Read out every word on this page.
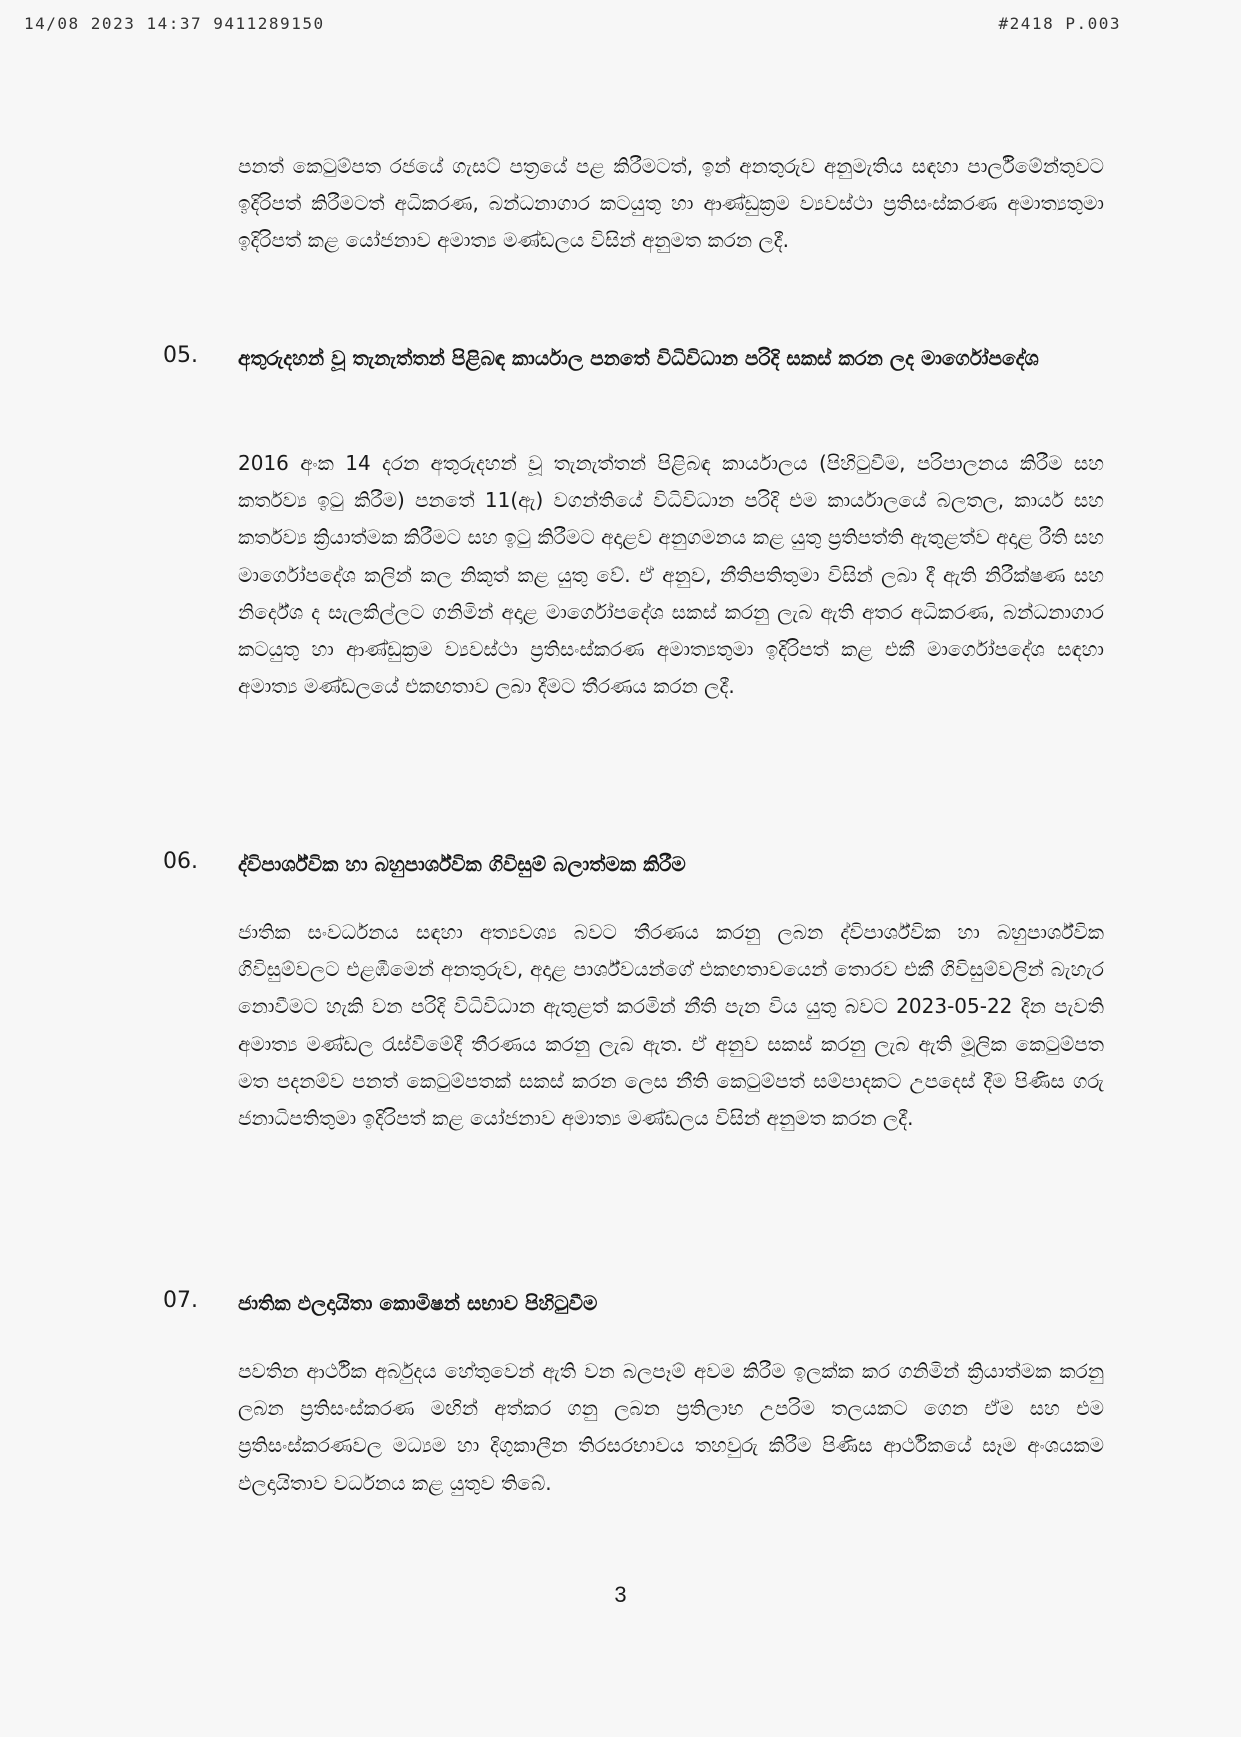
14/08 2023 14:37 9411289150	#2418 P.003
පනත් කෙටුම්පත රජයේ ගැසට් පත්‍රයේ පළ කිරීමටත්, ඉන් අනතුරුව අනුමැතිය සඳහා පාර්ලිමේන්තුවට ඉදිරිපත් කිරීමටත් අධිකරණ, බන්ධනාගාර කටයුතු හා ආණ්ඩුක්‍රම ව්‍යවස්ථා ප්‍රතිසංස්කරණ අමාත්‍යතුමා ඉදිරිපත් කළ යෝජනාව අමාත්‍ය මණ්ඩලය විසින් අනුමත කරන ලදී.
05. අතුරුදහන් වූ තැනැත්තන් පිළිබඳ කාර්යාල පනතේ විධිවිධාන පරිදි සකස් කරන ලද මාර්ගෝපදේශ
2016 අංක 14 දරන අතුරුදහන් වූ තැනැත්තන් පිළිබඳ කාර්යාලය (පිහිටුවීම, පරිපාලනය කිරීම සහ කර්තව්‍ය ඉටු කිරීම) පනතේ 11(ඇ) වගන්තියේ විධිවිධාන පරිදි එම කාර්යාලයේ බලතල, කාර්ය සහ කර්තව්‍ය ක්‍රියාත්මක කිරීමට සහ ඉටු කිරීමට අදාළව අනුගමනය කළ යුතු ප්‍රතිපත්ති ඇතුළත්ව අදාළ රීති සහ මාර්ගෝපදේශ කලින් කල නිකුත් කළ යුතු වේ. ඒ අනුව, නීතිපතිතුමා විසින් ලබා දී ඇති නිරීක්ෂණ සහ නිර්දේශ ද සැලකිල්ලට ගනිමින් අදාළ මාර්ගෝපදේශ සකස් කරනු ලැබ ඇති අතර අධිකරණ, බන්ධනාගාර කටයුතු හා ආණ්ඩුක්‍රම ව්‍යවස්ථා ප්‍රතිසංස්කරණ අමාත්‍යතුමා ඉදිරිපත් කළ එකී මාර්ගෝපදේශ සඳහා අමාත්‍ය මණ්ඩලයේ එකඟතාව ලබා දීමට තීරණය කරන ලදී.
06. ද්විපාර්ශ්වික හා බහුපාර්ශ්වික ගිවිසුම් බලාත්මක කිරීම
ජාතික සංවර්ධනය සඳහා අත්‍යවශ්‍ය බවට තීරණය කරනු ලබන ද්විපාර්ශ්වික හා බහුපාර්ශ්වික ගිවිසුම්වලට එළඹීමෙන් අනතුරුව, අදාළ පාර්ශ්වයන්ගේ එකඟතාවයෙන් තොරව එකී ගිවිසුම්වලින් බැහැර නොවීමට හැකි වන පරිදි විධිවිධාන ඇතුළත් කරමින් නීති පැන විය යුතු බවට 2023-05-22 දින පැවති අමාත්‍ය මණ්ඩල රැස්වීමේදී තීරණය කරනු ලැබ ඇත. ඒ අනුව සකස් කරනු ලැබ ඇති මූලික කෙටුම්පත මත පදනම්ව පනත් කෙටුම්පතක් සකස් කරන ලෙස නීති කෙටුම්පත් සම්පාදකට උපදෙස් දීම පිණිස ගරු ජනාධිපතිතුමා ඉදිරිපත් කළ යෝජනාව අමාත්‍ය මණ්ඩලය විසින් අනුමත කරන ලදී.
07. ජාතික ඵලදායිතා කොමිෂන් සභාව පිහිටුවීම
පවතින ආර්ථික අර්බුදය හේතුවෙන් ඇති වන බලපෑම් අවම කිරීම ඉලක්ක කර ගනිමින් ක්‍රියාත්මක කරනු ලබන ප්‍රතිසංස්කරණ මඟින් අත්කර ගනු ලබන ප්‍රතිලාභ උපරිම තලයකට ගෙන ඒම සහ එම ප්‍රතිසංස්කරණවල මධ්‍යම හා දිගුකාලීන තිරසරභාවය තහවුරු කිරීම පිණිස ආර්ථිකයේ සෑම අංශයකම ඵලදායිතාව වර්ධනය කළ යුතුව තිබේ.
3
